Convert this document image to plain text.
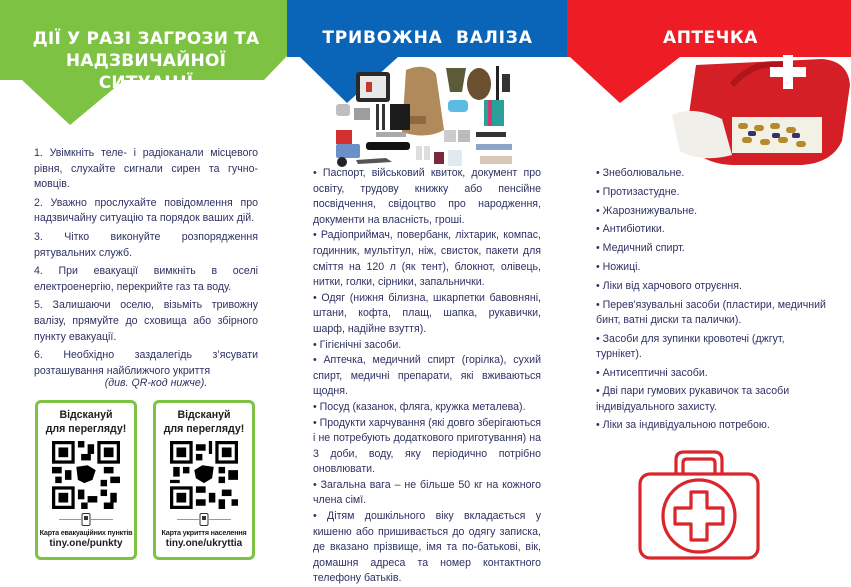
ДІЇ У РАЗІ ЗАГРОЗИ ТА
НАДЗВИЧАЙНОЇ СИТУАЦІЇ
ТРИВОЖНА  ВАЛІЗА	АПТЕЧКА

1. Увімкніть теле- і радіоканали місцевого рівня, слухайте сигнали сирен та гучно-мовців.

2. Уважно прослухайте повідомлення про надзвичайну ситуацію та порядок ваших дій.

3. Чітко виконуйте розпорядження рятувальних служб.

4. При евакуації вимкніть в оселі електроенергію, перекрийте газ та воду.

5. Залишаючи оселю, візьміть тривожну валізу, прямуйте до сховища або збірного пункту евакуації.

6. Необхідно заздалегідь з’ясувати розташування найближчого укриття

(див. QR-код нижче).

Відскануй
для перегляду!
Карта евакуаційних пунктів
tiny.one/punkty
Відскануй
для перегляду!
Карта укриття населення
tiny.one/ukryttia

• Паспорт, військовий квиток, документ про освіту, трудову книжку або пенсійне посвідчення, свідоцтво про народження, документи на власність, гроші.

• Радіоприймач, повербанк, ліхтарик, компас, годинник, мультітул, ніж, свисток, пакети для сміття на 120 л (як тент), блокнот, олівець, нитки, голки, сірники, запальнички.

• Одяг (нижня білизна, шкарпетки бавовняні, штани, кофта, плащ, шапка, рукавички, шарф, надійне взуття).

• Гігієнічні засоби.

• Аптечка, медичний спирт (горілка), сухий спирт, медичні препарати, які вживаються щодня.

• Посуд (казанок, фляга, кружка металева).

• Продукти харчування (які довго зберігаються і не потребують додаткового приготування) на 3 доби, воду, яку періодично потрібно оновлювати.

• Загальна вага – не більше 50 кг на кожного члена сімї.

• Дітям дошкільного віку вкладається у кишеню або пришивається до одягу записка, де вказано прізвище, імя та по-батькові, вік, домашня адреса та номер контактного телефону батьків.

• Знеболювальне.

• Протизастудне.

• Жарознижувальне.

• Антибіотики.

• Медичний спирт.

• Ножиці.

• Ліки від харчового отруєння.

• Перев'язувальні засоби (пластири, медичний бинт, ватні диски та палички).

• Засоби для зупинки кровотечі (джгут, турнікет).

• Антисептичні засоби.

• Дві пари гумових рукавичок та засоби індивідуального захисту.

• Ліки за індивідуальною потребою.
